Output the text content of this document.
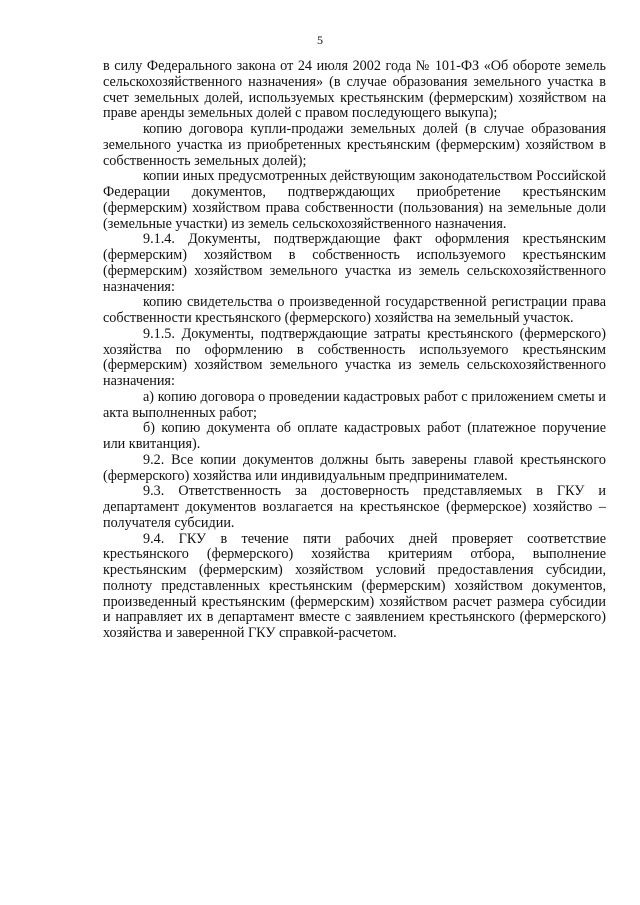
5

в силу Федерального закона от 24 июля 2002 года № 101-ФЗ «Об обороте земель сельскохозяйственного назначения» (в случае образования земельного участка в счет земельных долей, используемых крестьянским (фермерским) хозяйством на праве аренды земельных долей с правом последующего выкупа);

копию договора купли-продажи земельных долей (в случае образования земельного участка из приобретенных крестьянским (фермерским) хозяйством в собственность земельных долей);

копии иных предусмотренных действующим законодательством Российской Федерации документов, подтверждающих приобретение крестьянским (фермерским) хозяйством права собственности (пользования) на земельные доли (земельные участки) из земель сельскохозяйственного назначения.

9.1.4. Документы, подтверждающие факт оформления крестьянским (фермерским) хозяйством в собственность используемого крестьянским (фермерским) хозяйством земельного участка из земель сельскохозяйственного назначения:

копию свидетельства о произведенной государственной регистрации права собственности крестьянского (фермерского) хозяйства на земельный участок.

9.1.5. Документы, подтверждающие затраты крестьянского (фермерского) хозяйства по оформлению в собственность используемого крестьянским (фермерским) хозяйством земельного участка из земель сельскохозяйственного назначения:

а) копию договора о проведении кадастровых работ с приложением сметы и акта выполненных работ;

б) копию документа об оплате кадастровых работ (платежное поручение или квитанция).

9.2. Все копии документов должны быть заверены главой крестьянского (фермерского) хозяйства или индивидуальным предпринимателем.

9.3. Ответственность за достоверность представляемых в ГКУ и департамент документов возлагается на крестьянское (фермерское) хозяйство – получателя субсидии.

9.4. ГКУ в течение пяти рабочих дней проверяет соответствие крестьянского (фермерского) хозяйства критериям отбора, выполнение крестьянским (фермерским) хозяйством условий предоставления субсидии, полноту представленных крестьянским (фермерским) хозяйством документов, произведенный крестьянским (фермерским) хозяйством расчет размера субсидии и направляет их в департамент вместе с заявлением крестьянского (фермерского) хозяйства и заверенной ГКУ справкой-расчетом.
